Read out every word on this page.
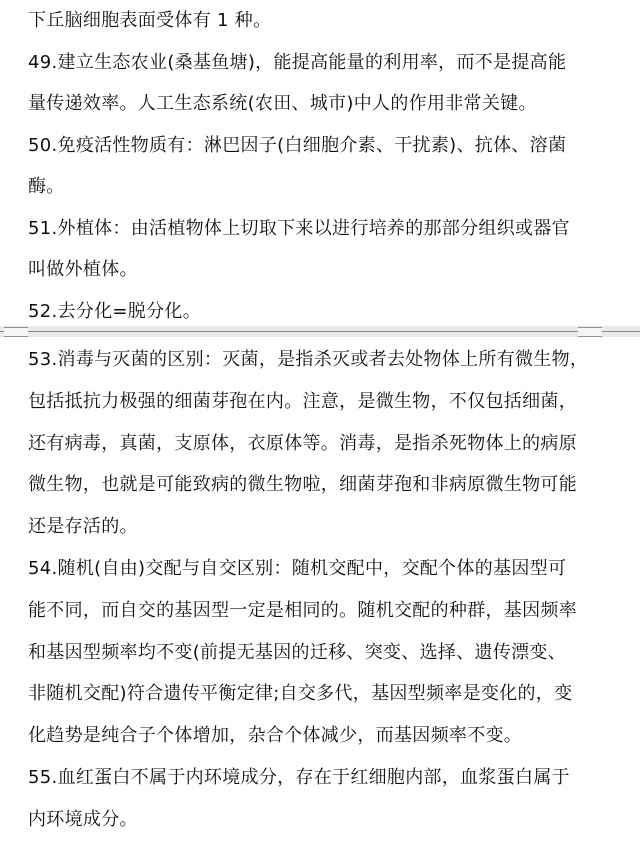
下丘脑细胞表面受体有 1 种。
49.建立生态农业(桑基鱼塘)，能提高能量的利用率，而不是提高能
量传递效率。人工生态系统(农田、城市)中人的作用非常关键。
50.免疫活性物质有：淋巴因子(白细胞介素、干扰素)、抗体、溶菌
酶。
51.外植体：由活植物体上切取下来以进行培养的那部分组织或器官
叫做外植体。
52.去分化=脱分化。
53.消毒与灭菌的区别：灭菌，是指杀灭或者去处物体上所有微生物，
包括抵抗力极强的细菌芽孢在内。注意，是微生物，不仅包括细菌，
还有病毒，真菌，支原体，衣原体等。消毒，是指杀死物体上的病原
微生物，也就是可能致病的微生物啦，细菌芽孢和非病原微生物可能
还是存活的。
54.随机(自由)交配与自交区别：随机交配中，交配个体的基因型可
能不同，而自交的基因型一定是相同的。随机交配的种群，基因频率
和基因型频率均不变(前提无基因的迁移、突变、选择、遗传漂变、
非随机交配)符合遗传平衡定律;自交多代，基因型频率是变化的，变
化趋势是纯合子个体增加，杂合个体减少，而基因频率不变。
55.血红蛋白不属于内环境成分，存在于红细胞内部，血浆蛋白属于
内环境成分。
